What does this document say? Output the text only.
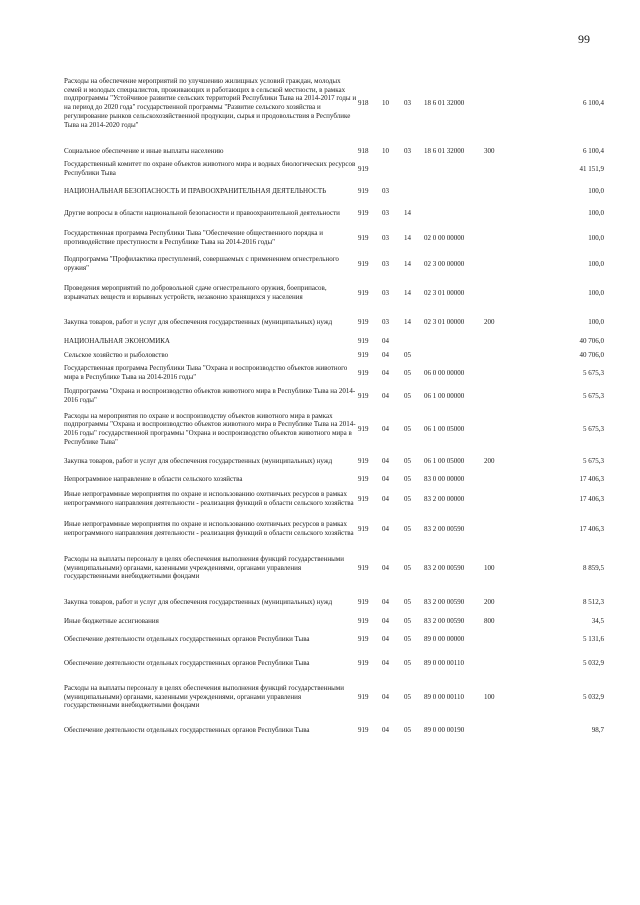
99
Расходы на обеспечение мероприятий по улучшению жилищных условий граждан, молодых семей и молодых специалистов, проживающих и работающих в сельской местности, в рамках подпрограммы "Устойчивое развитие сельских территорий Республики Тыва на 2014-2017 годы и на период до 2020 года" государственной программы "Развитие сельского хозяйства и регулирование рынков сельскохозяйственной продукции, сырья и продовольствия в Республике Тыва на 2014-2020 годы"	918	10	03	18 6 01 32000		6 100,4
Социальное обеспечение и иные выплаты населению	918	10	03	18 6 01 32000	300	6 100,4
Государственный комитет по охране объектов животного мира и водных биологических ресурсов Республики Тыва	919					41 151,9
НАЦИОНАЛЬНАЯ БЕЗОПАСНОСТЬ И ПРАВООХРАНИТЕЛЬНАЯ ДЕЯТЕЛЬНОСТЬ	919	03				100,0
Другие вопросы в области национальной безопасности и правоохранительной деятельности	919	03	14			100,0
Государственная программа Республики Тыва "Обеспечение общественного порядка и противодействие преступности в Республике Тыва на 2014-2016 годы"	919	03	14	02 0 00 00000		100,0
Подпрограмма "Профилактика преступлений, совершаемых с применением огнестрельного оружия"	919	03	14	02 3 00 00000		100,0
Проведения мероприятий по добровольной сдаче огнестрельного оружия, боеприпасов, взрывчатых веществ и взрывных устройств, незаконно хранящихся у населения	919	03	14	02 3 01 00000		100,0
Закупка товаров, работ и услуг для обеспечения государственных (муниципальных) нужд	919	03	14	02 3 01 00000	200	100,0
НАЦИОНАЛЬНАЯ ЭКОНОМИКА	919	04				40 706,0
Сельское хозяйство и рыболовство	919	04	05			40 706,0
Государственная программа Республики Тыва "Охрана и воспроизводство объектов животного мира в Республике Тыва на 2014-2016 годы"	919	04	05	06 0 00 00000		5 675,3
Подпрограмма "Охрана и воспроизводство объектов животного мира в Республике Тыва на 2014-2016 годы"	919	04	05	06 1 00 00000		5 675,3
Расходы на мероприятия по охране и воспроизводству объектов животного мира в рамках подпрограммы "Охрана и воспроизводство объектов животного мира в Республике Тыва на 2014-2016 годы" государственной программы "Охрана и воспроизводство объектов животного мира в Республике Тыва"	919	04	05	06 1 00 05000		5 675,3
Закупка товаров, работ и услуг для обеспечения государственных (муниципальных) нужд	919	04	05	06 1 00 05000	200	5 675,3
Непрограммное направление в области сельского хозяйства	919	04	05	83 0 00 00000		17 406,3
Иные непрограммные мероприятия по охране и использованию охотничьих ресурсов в рамках непрограммного направления деятельности - реализация функций в области сельского хозяйства	919	04	05	83 2 00 00000		17 406,3
Иные непрограммные мероприятия по охране и использованию охотничьих ресурсов в рамках непрограммного направления деятельности - реализация функций в области сельского хозяйства	919	04	05	83 2 00 00590		17 406,3
Расходы на выплаты персоналу в целях обеспечения выполнения функций государственными (муниципальными) органами, казенными учреждениями, органами управления государственными внебюджетными фондами	919	04	05	83 2 00 00590	100	8 859,5
Закупка товаров, работ и услуг для обеспечения государственных (муниципальных) нужд	919	04	05	83 2 00 00590	200	8 512,3
Иные бюджетные ассигнования	919	04	05	83 2 00 00590	800	34,5
Обеспечение деятельности отдельных государственных органов Республики Тыва	919	04	05	89 0 00 00000		5 131,6
Обеспечение деятельности отдельных государственных органов Республики Тыва	919	04	05	89 0 00 00110		5 032,9
Расходы на выплаты персоналу в целях обеспечения выполнения функций государственными (муниципальными) органами, казенными учреждениями, органами управления государственными внебюджетными фондами	919	04	05	89 0 00 00110	100	5 032,9
Обеспечение деятельности отдельных государственных органов Республики Тыва	919	04	05	89 0 00 00190		98,7
